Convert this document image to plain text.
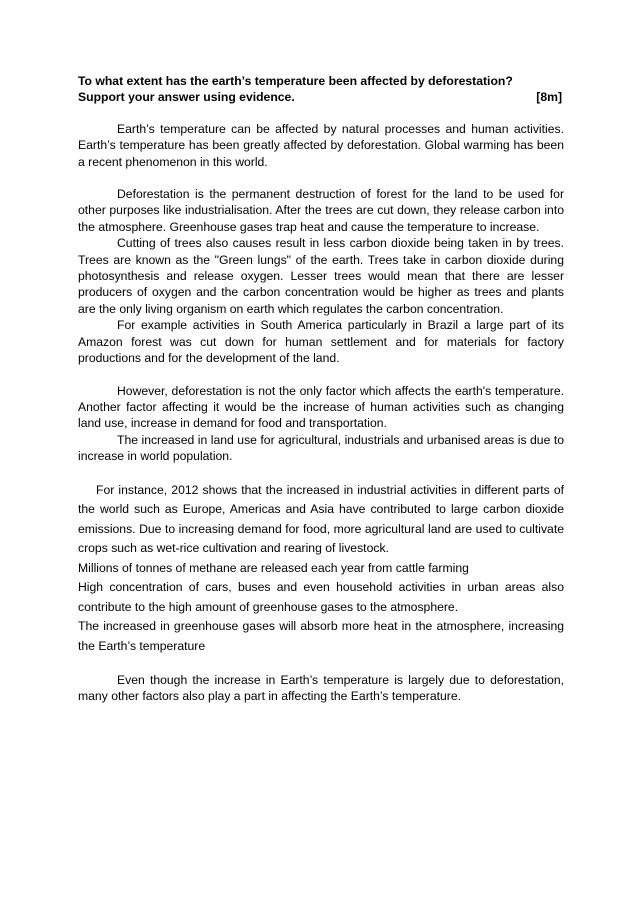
To what extent has the earth’s temperature been affected by deforestation?
Support your answer using evidence.	[8m]

Earth’s temperature can be affected by natural processes and human activities. Earth’s temperature has been greatly affected by deforestation. Global warming has been a recent phenomenon in this world.

Deforestation is the permanent destruction of forest for the land to be used for other purposes like industrialisation. After the trees are cut down, they release carbon into the atmosphere. Greenhouse gases trap heat and cause the temperature to increase.

Cutting of trees also causes result in less carbon dioxide being taken in by trees. Trees are known as the "Green lungs" of the earth. Trees take in carbon dioxide during photosynthesis and release oxygen. Lesser trees would mean that there are lesser producers of oxygen and the carbon concentration would be higher as trees and plants are the only living organism on earth which regulates the carbon concentration.

For example activities in South America particularly in Brazil a large part of its Amazon forest was cut down for human settlement and for materials for factory productions and for the development of the land.

However, deforestation is not the only factor which affects the earth's temperature. Another factor affecting it would be the increase of human activities such as changing land use, increase in demand for food and transportation.

The increased in land use for agricultural, industrials and urbanised areas is due to increase in world population.

For instance, 2012 shows that the increased in industrial activities in different parts of the world such as Europe, Americas and Asia have contributed to large carbon dioxide emissions. Due to increasing demand for food, more agricultural land are used to cultivate crops such as wet-rice cultivation and rearing of livestock.

Millions of tonnes of methane are released each year from cattle farming

High concentration of cars, buses and even household activities in urban areas also contribute to the high amount of greenhouse gases to the atmosphere.

The increased in greenhouse gases will absorb more heat in the atmosphere, increasing the Earth’s temperature

Even though the increase in Earth’s temperature is largely due to deforestation, many other factors also play a part in affecting the Earth’s temperature.
